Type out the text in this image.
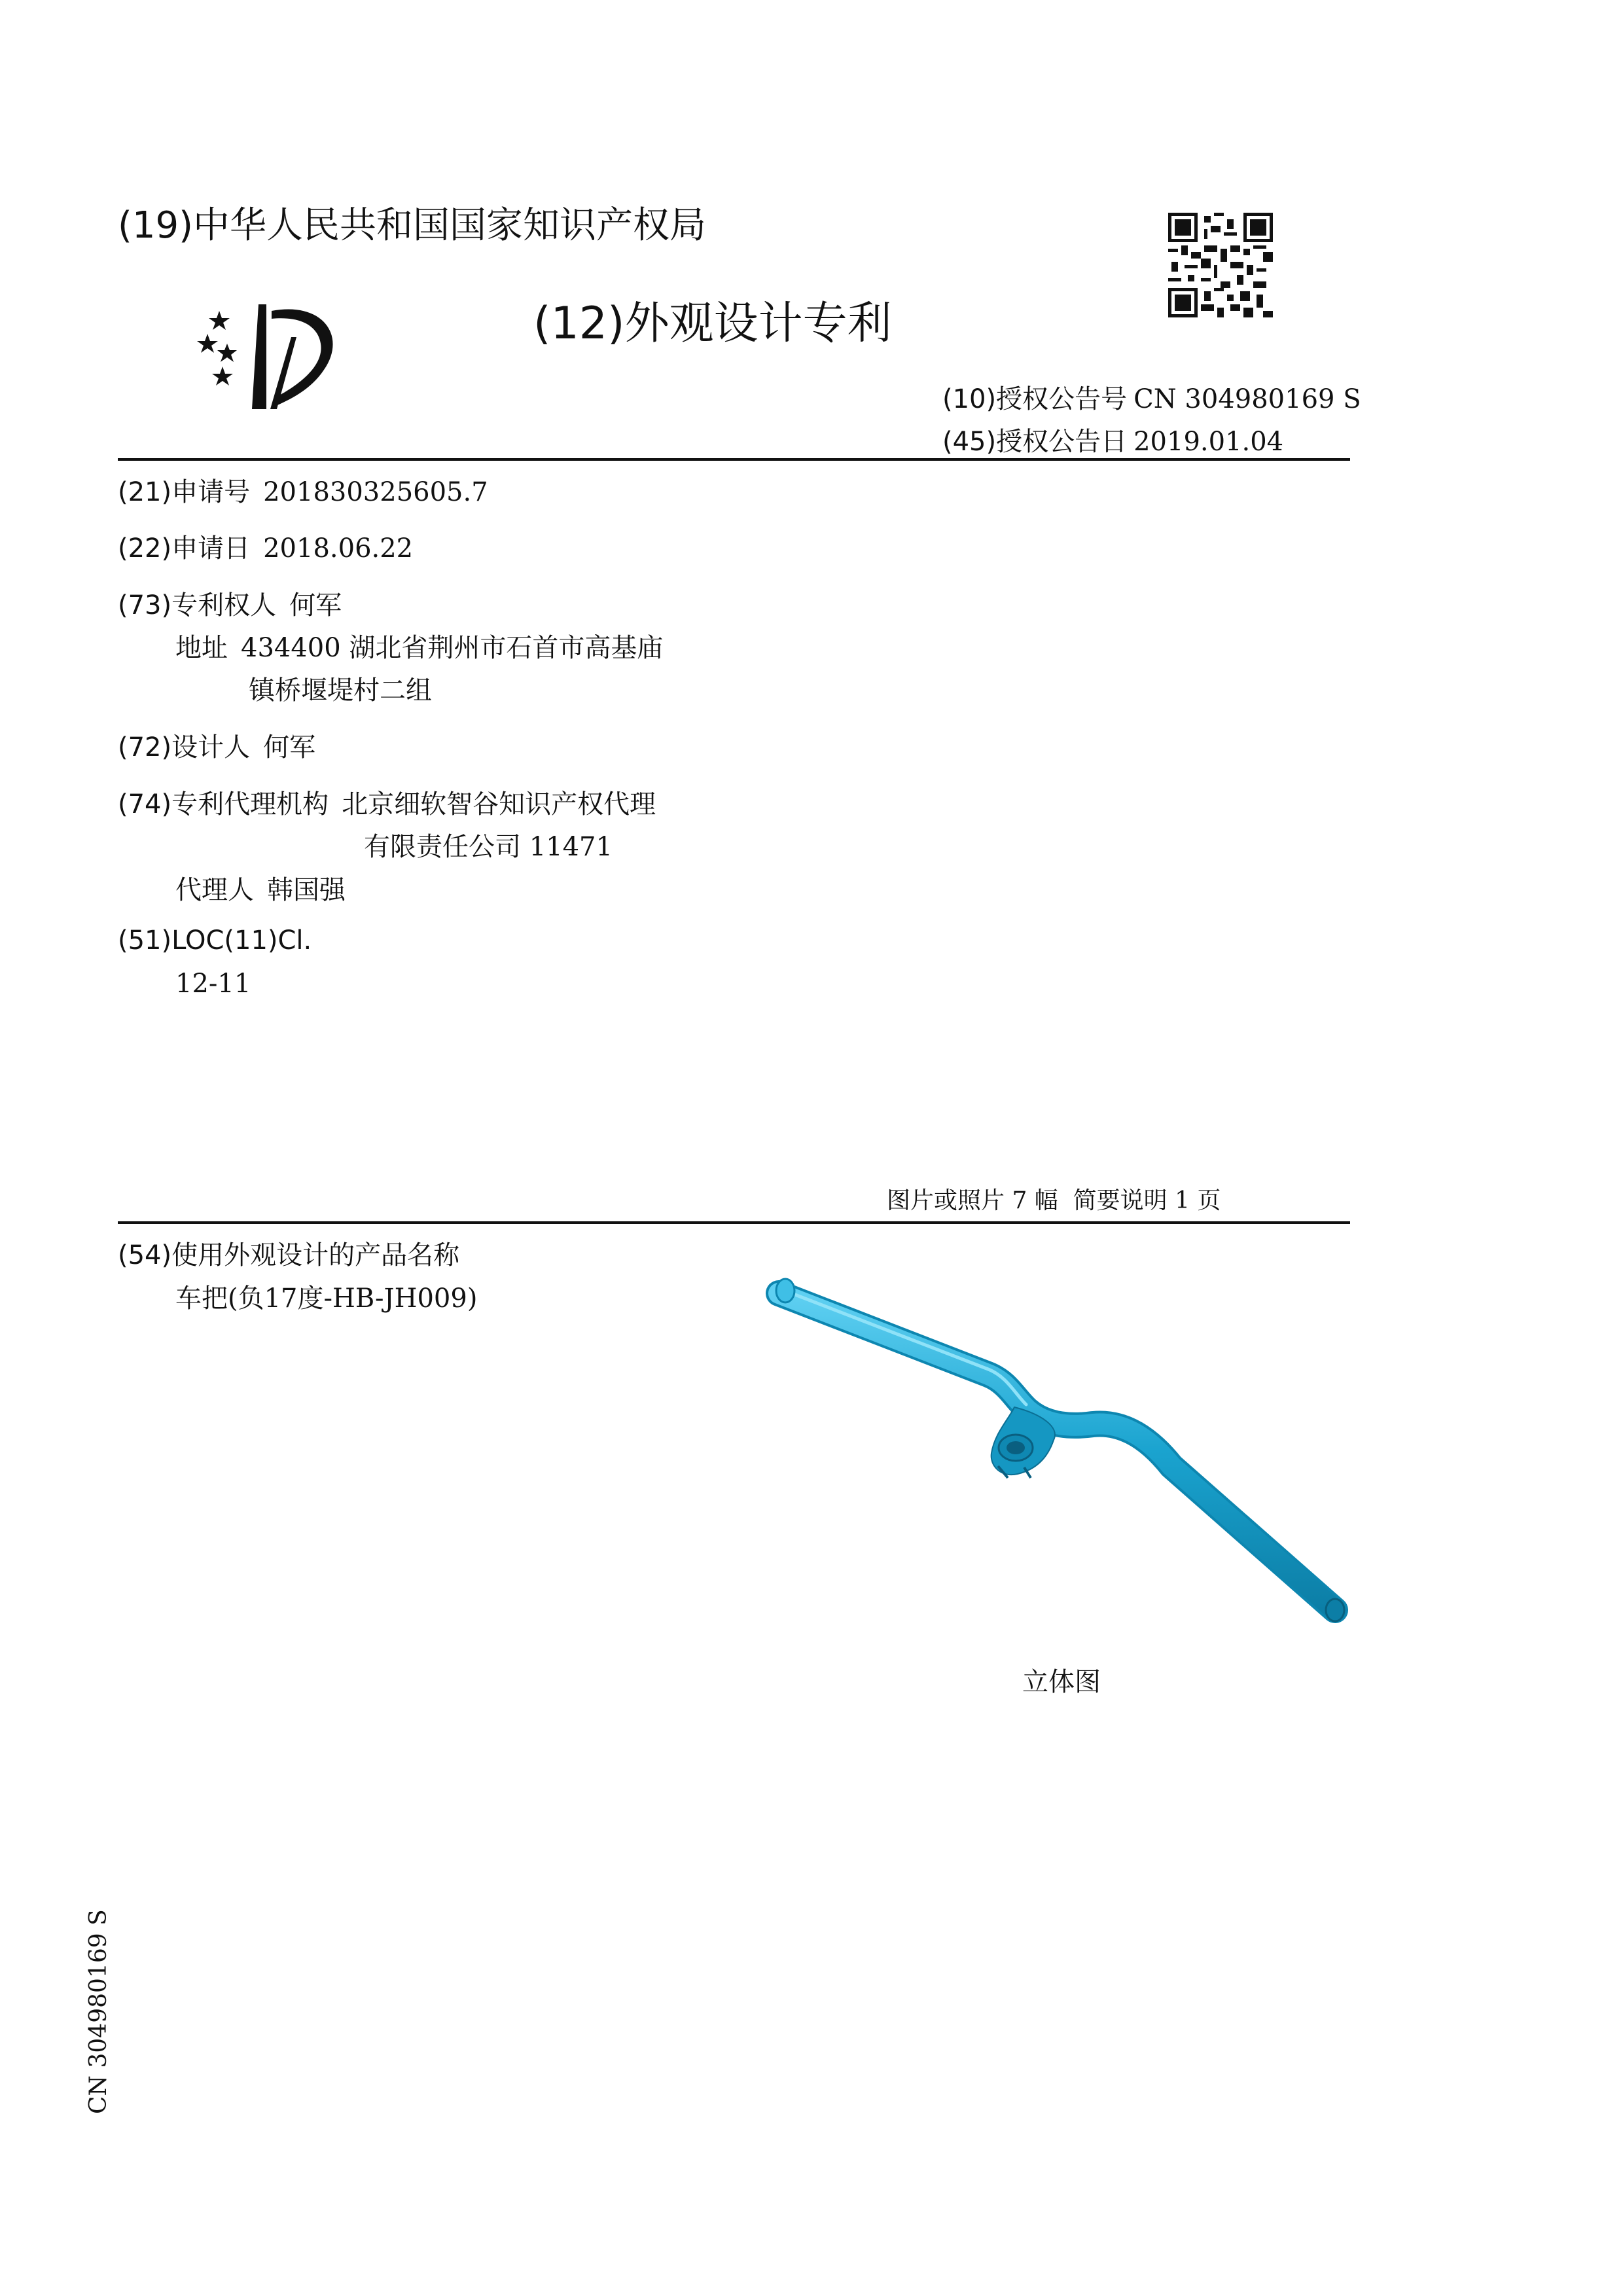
(19)中华人民共和国国家知识产权局
(12)外观设计专利
(10)授权公告号 CN 304980169 S
(45)授权公告日 2019.01.04
(21)申请号 201830325605.7
(22)申请日 2018.06.22
(73)专利权人 何军
地址 434400 湖北省荆州市石首市高基庙
镇桥堰堤村二组
(72)设计人 何军
(74)专利代理机构 北京细软智谷知识产权代理
有限责任公司 11471
代理人 韩国强
(51)LOC(11)Cl.
12-11
图片或照片 7 幅  简要说明 1 页
(54)使用外观设计的产品名称
车把(负17度-HB-JH009)
立体图
CN 304980169 S
